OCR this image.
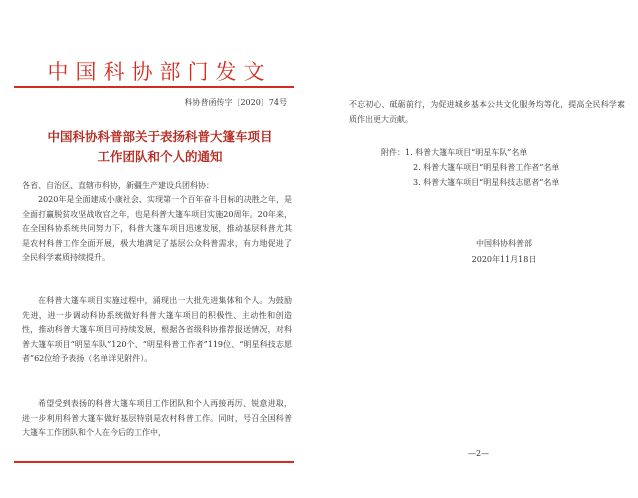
中国科协部门发文
科协普函传字〔2020〕74号
中国科协科普部关于表扬科普大篷车项目
工作团队和个人的通知
各省、自治区、直辖市科协，新疆生产建设兵团科协：
2020年是全面建成小康社会、实现第一个百年奋斗目标的决胜之年，是全面打赢脱贫攻坚战收官之年，也是科普大篷车项目实施20周年。20年来，在全国科协系统共同努力下，科普大篷车项目迅速发展，推动基层科普尤其是农村科普工作全面开展，极大地满足了基层公众科普需求，有力地促进了全民科学素质持续提升。
在科普大篷车项目实施过程中，涌现出一大批先进集体和个人。为鼓励先进，进一步调动科协系统做好科普大篷车项目的积极性、主动性和创造性，推动科普大篷车项目可持续发展，根据各省级科协推荐报送情况，对科普大篷车项目“明星车队”120个、“明星科普工作者”119位、“明星科技志愿者”62位给予表扬（名单详见附件）。
希望受到表扬的科普大篷车项目工作团队和个人再接再厉、锐意进取，进一步利用科普大篷车做好基层特别是农村科普工作。同时，号召全国科普大篷车工作团队和个人在今后的工作中，
不忘初心、砥砺前行，为促进城乡基本公共文化服务均等化，提高全民科学素质作出更大贡献。
附件：1. 科普大篷车项目“明星车队”名单
2. 科普大篷车项目“明星科普工作者”名单
3. 科普大篷车项目“明星科技志愿者”名单
中国科协科普部
2020年11月18日
—2—
